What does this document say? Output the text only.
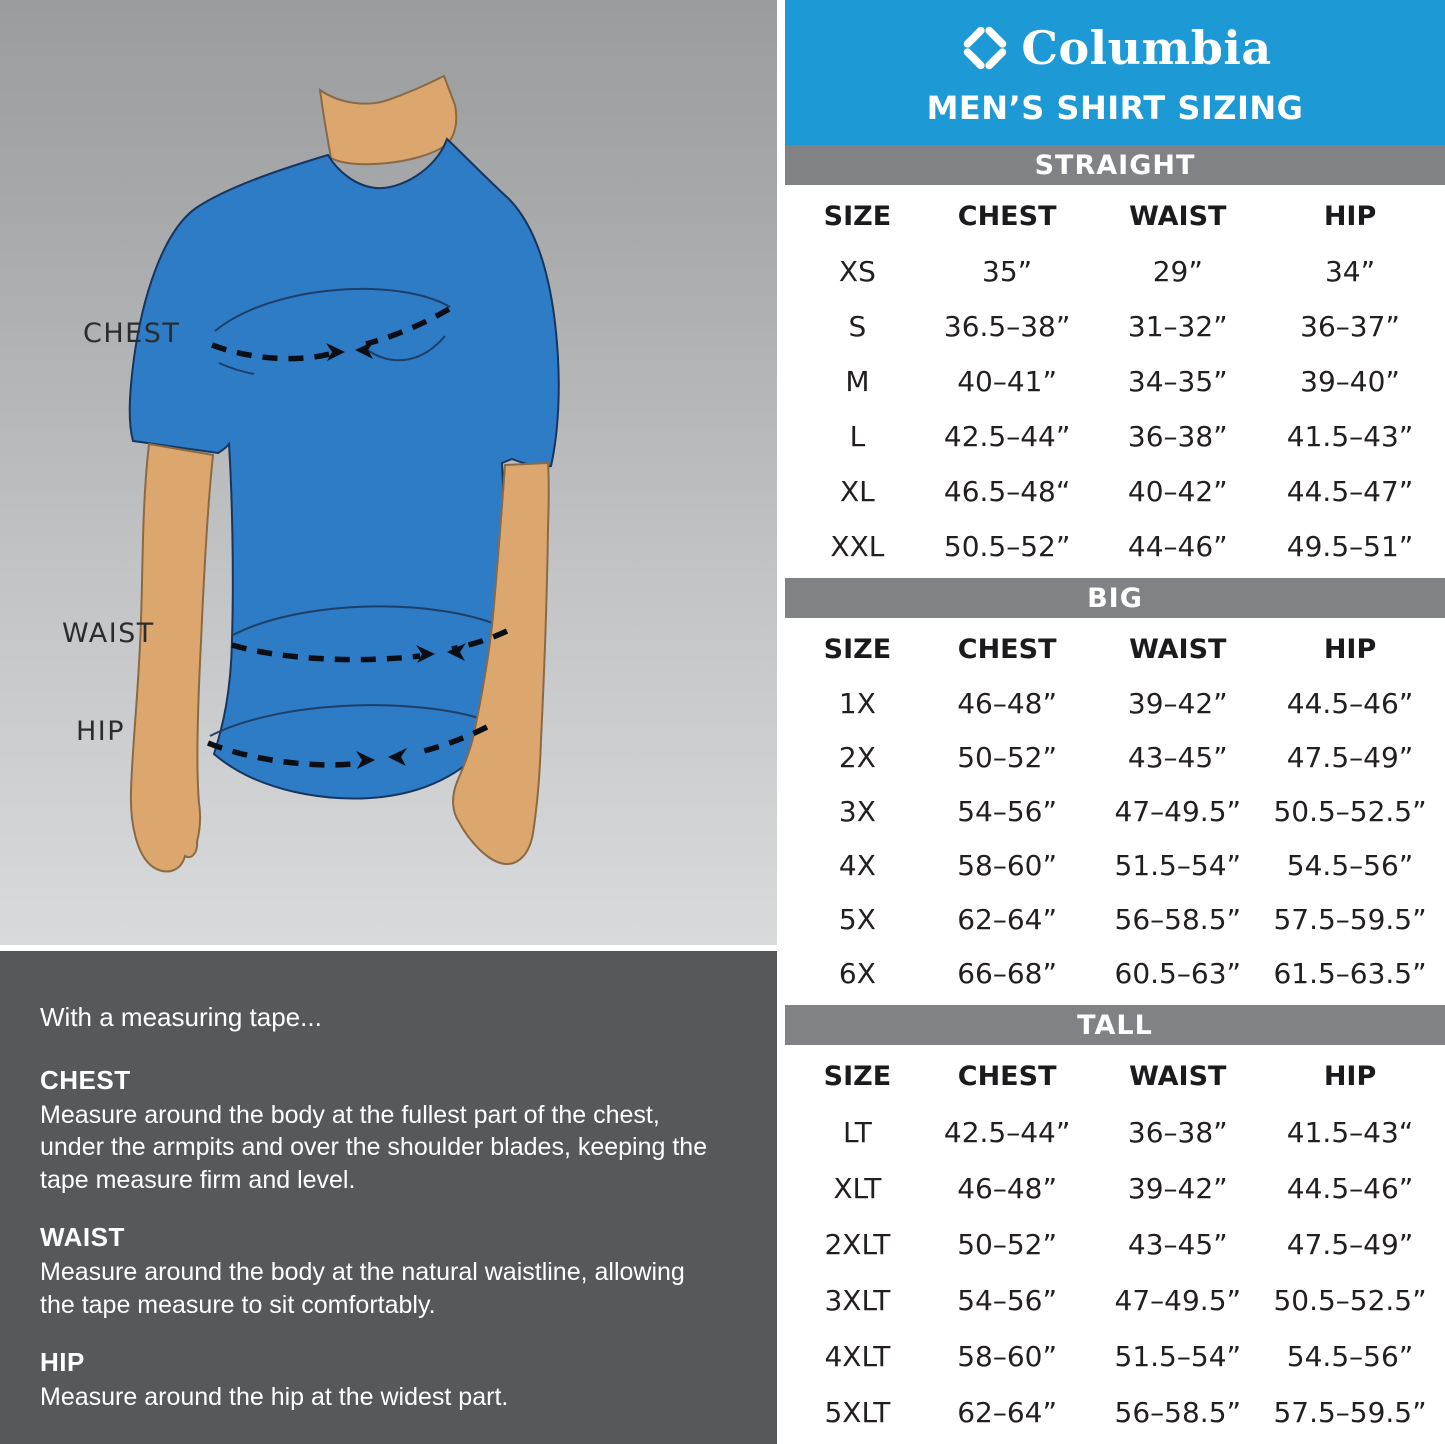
CHEST
WAIST
HIP

With a measuring tape...

CHEST

Measure around the body at the fullest part of the chest, under the armpits and over the shoulder blades, keeping the tape measure firm and level.

WAIST

Measure around the body at the natural waistline, allowing the tape measure to sit comfortably.

HIP

Measure around the hip at the widest part.

Columbia
MEN’S SHIRT SIZING
STRAIGHT
SIZE	CHEST	WAIST	HIP
XS	35”	29”	34”
S	36.5–38”	31–32”	36–37”
M	40–41”	34–35”	39–40”
L	42.5–44”	36–38”	41.5–43”
XL	46.5–48“	40–42”	44.5–47”
XXL	50.5–52”	44–46”	49.5–51”
BIG
SIZE	CHEST	WAIST	HIP
1X	46–48”	39–42”	44.5–46”
2X	50–52”	43–45”	47.5–49”
3X	54–56”	47–49.5”	50.5–52.5”
4X	58–60”	51.5–54”	54.5–56”
5X	62–64”	56–58.5”	57.5–59.5”
6X	66–68”	60.5–63”	61.5–63.5”
TALL
SIZE	CHEST	WAIST	HIP
LT	42.5–44”	36–38”	41.5–43“
XLT	46–48”	39–42”	44.5–46”
2XLT	50–52”	43–45”	47.5–49”
3XLT	54–56”	47–49.5”	50.5–52.5”
4XLT	58–60”	51.5–54”	54.5–56”
5XLT	62–64”	56–58.5”	57.5–59.5”
